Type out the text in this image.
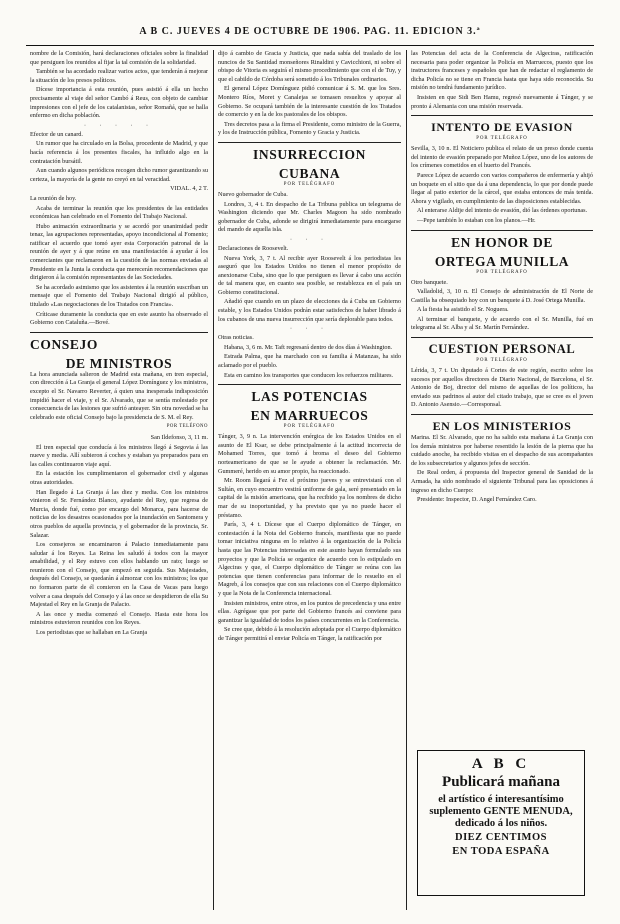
A B C. JUEVES 4 DE OCTUBRE DE 1906. PAG. 11. EDICION 3.ª

nombre de la Comisión, hará declaraciones oficiales sobre la finalidad que persiguen los reunidos al fijar la tal comisión de la solidaridad.

También se ha acordado realizar varios actos, que tenderán á mejorar la situación de los presos políticos.

Dícese importancia á esta reunión, pues asistió á ella un hecho precisamente al viaje del señor Cambó á Reus, con objeto de cambiar impresiones con el jefe de los catalanistas, señor Romañá, que se halla enfermo en dicha población.

· · · · ·

Efector de un canard.

Un rumor que ha circulado en la Bolsa, procedente de Madrid, y que hacía referencia á los presentes fiscales, ha influido algo en la contratación bursátil.

Aun cuando algunos periódicos recogen dicho rumor garantizando su certeza, la mayoría de la gente no creyó en tal veracidad.

VIDAL. 4, 2 T.

La reunión de hoy.

Acaba de terminar la reunión que los presidentes de las entidades económicas han celebrado en el Fomento del Trabajo Nacional.

Hubo animación extraordinaria y se acordó por unanimidad pedir tenaz, las agrupaciones representadas, apoyo incondicional al Fomento; ratificar el acuerdo que tomó ayer esta Corporación patronal de la reunión de ayer y á que reúne en una manifestación á ayudar á los comerciantes que reclamaron en la cuestión de las normas enviadas al Presidente en la Junta la conducta que merecerán recomendaciones que dirigieron á la comisión representantes de las Sociedades.

Se ha acordado asimismo que los asistentes á la reunión suscriban un mensaje que el Fomento del Trabajo Nacional dirigió al público, titulado «Las negociaciones de los Tratados con Francia».

Críticase duramente la conducta que en este asunto ha observado el Gobierno con Cataluña.—Bové.

CONSEJO
DE MINISTROS

La hora anunciada salieron de Madrid esta mañana, en tren especial, con dirección á La Granja el general López Domínguez y los ministros, excepto el Sr. Navarro Reverter, á quien una inesperada indisposición impidió hacer el viaje, y el Sr. Alvarado, que se sentía molestado por consecuencia de las lesiones que sufrió anteayer. Sin otra novedad se ha celebrado este oficial Consejo bajo la presidencia de S. M. el Rey.

POR TELÉFONO

San Ildefonso, 3, 11 m.

El tren especial que conducía á los ministros llegó á Segovia á las nueve y media. Allí subieron á coches y estaban ya preparados para en las calles continuaron viaje aquí.

En la estación los cumplimentaron el gobernador civil y algunas otras autoridades.

Han llegado á La Granja á las diez y media. Con los ministros vinieron el Sr. Fernández Blanco, ayudante del Rey, que regresa de Murcia, donde fué, como por encargo del Monarca, para hacerse de noticias de los desastres ocasionados por la inundación en Santomera y otros pueblos de aquella provincia, y el gobernador de la provincia, Sr. Salazar.

Los consejeros se encaminaron á Palacio inmediatamente para saludar á los Reyes. La Reina les saludó á todos con la mayor amabilidad, y el Rey estuvo con ellos hablando un rato; luego se reunieron con el Consejo, que empezó en seguida. Sus Majestades, después del Consejo, se quedarán á almorzar con los ministros; los que no formaron parte de él comieron en la Casa de Vacas para luego volver a casa después del Consejo y á las once se despidieron de ella Su Majestad el Rey en la Granja de Palacio.

A las once y media comenzó el Consejo. Hasta este hora los ministros estuvieron reunidos con los Reyes.

Los periodistas que se hallaban en La Granja

dijo á cambio de Gracia y Justicia, que nada sabía del traslado de los nuncios de Su Santidad monseñores Rinaldini y Cavicchioni, ni sobre el obispo de Vitoria es seguirá el mismo procedimiento que con el de Tuy, y que el cabildo de Córdoba será sometido á los Tribunales ordinarios.

El general López Domínguez pidió comunicar á S. M. que los Sres. Montero Ríos, Moret y Canalejas se tomasen resueltos y apoyar al Gobierno. Se ocupará también de la interesante cuestión de los Tratados de comercio y en la de los pastorales de los obispos.

Tres decretos pasa a la firma el Presidente, como ministro de la Guerra, y los de Instrucción pública, Fomento y Gracia y Justicia.

INSURRECCION
CUBANA
POR TELÉGRAFO

Nuevo gobernador de Cuba.

Londres, 3, 4 t. En despacho de La Tribuna publica un telegrama de Washington diciendo que Mr. Charles Magoon ha sido nombrado gobernador de Cuba, adonde se dirigirá inmediatamente para encargarse del mando de aquella isla.

· · ·

Declaraciones de Roosevelt.

Nueva York, 3, 7 t. Al recibir ayer Roosevelt á los periodistas les aseguró que los Estados Unidos no tienen el menor propósito de anexionarse Cuba, sino que lo que persiguen es llevar á cabo una acción de tal manera que, en cuanto sea posible, se restablezca en el país un Gobierno constitucional.

Añadió que cuando en un plazo de elecciones da á Cuba un Gobierno estable, y los Estados Unidos podrán estar satisfechos de haber librado á los cubanos de una nueva insurrección que sería deplorable para todos.

· · ·

Otras noticias.

Habana, 3, 6 m. Mr. Taft regresará dentro de dos días á Washington.

Estrada Palma, que ha marchado con su familia á Matanzas, ha sido aclamado por el pueblo.

Esta en camino los transportes que conducen los refuerzos militares.

LAS POTENCIAS
EN MARRUECOS
POR TELÉGRAFO

Tánger, 3, 9 n. La intervención enérgica de los Estados Unidos en el asunto de El Ksar, se debe principalmente á la actitud incorrecta de Mohamed Torres, que tomó á broma el deseo del Gobierno norteamericano de que se le ayude a obtener la reclamación. Mr. Gummeré, herido en su amor propio, ha reaccionado.

Mr. Room llegará á Fez el próximo jueves y se entrevistará con el Sultán, en cuyo encuentro vestirá uniforme de gala, seré presentado en la capital de la misión americana, que ha recibido ya los nombres de dicho mar de su inoportunidad, y ha previsto que ya no puede hacer el préstamo.

París, 3, 4 t. Dícese que el Cuerpo diplomático de Tánger, en contestación á la Nota del Gobierno francés, manifiesta que no puede tomar iniciativa ninguna en lo relativo á la organización de la Policía hasta que las Potencias interesadas en este asunto hayan formulado sus proyectos y que la Policía se organice de acuerdo con lo estipulado en Algeciras y que, el Cuerpo diplomático de Tánger se reúna con las potencias que tienen conferencias para informar de lo resuelto en el Magreb, á los consejos que con sus relaciones con el Cuerpo diplomático y que la Nota de la Conferencia internacional.

Insisten ministros, entre otros, en los puntos de precedencia y una entre ellas. Agrégase que por parte del Gobierno francés así conviene para garantizar la igualdad de todos los países concurrentes en la Conferencia.

Se cree que, debido á la resolución adoptada por el Cuerpo diplomático de Tánger permitirá el enviar Policía en Tánger, la ratificación por

las Potencias del acta de la Conferencia de Algeciras, ratificación necesaria para poder organizar la Policía en Marruecos, puesto que los instructores franceses y españoles que han de redactar el reglamento de dicha Policía no se tiene en Francia hasta que haya sido reconocida. Su misión no tendrá fundamento jurídico.

Insisten en que Sidi Ben Hamu, regresó nuevamente á Tánger, y se pronto á Alemania con una misión reservada.

INTENTO DE EVASION
POR TELÉGRAFO

Sevilla, 3, 10 n. El Noticiero publica el relato de un preso donde cuenta del intento de evasión preparado por Muñoz López, uno de los autores de los crímenes cometidos en el huerto del Francés.

Parece López de acuerdo con varios compañeros de enfermería y ahijó un boquete en el sitio que da á una dependencia, lo que por donde puede llegar al patio exterior de la cárcel, que estaba entonces de más tenida. Ahora y vigilado, en cumplimiento de las disposiciones establecidas.

Al enterarse Aldije del intento de evasión, dió las órdenes oportunas.

—Pepe también lo estaban con los planos.—Hr.

EN HONOR DE
ORTEGA MUNILLA
POR TELÉGRAFO

Otro banquete.

Valladolid, 3, 10 n. El Consejo de administración de El Norte de Castilla ha obsequiado hoy con un banquete á D. José Ortega Munilla.

A la fiesta ha asistido el Sr. Noguera.

Al terminar el banquete, y de acuerdo con el Sr. Munilla, fué en telegrama al Sr. Alba y al Sr. Martín Fernández.

CUESTION PERSONAL
POR TELÉGRAFO

Lérida, 3, 7 t. Un diputado á Cortes de este región, escrito sobre los sucesos por aquellos directores de Diario Nacional, de Barcelona, el Sr. Antonio de Boj, director del mismo de aquellas de los políticos, ha enviado sus padrinos al autor del citado trabajo, que se cree es el joven D. Antonio Asensio.—Corresponsal.

EN LOS MINISTERIOS

Marina. El Sr. Alvarado, que no ha salido esta mañana á La Granja con los demás ministros por haberse resentido la lesión de la pierna que ha cuidado anoche, ha recibido visitas en el despacho de sus acompañantes de los subsecretarios y algunos jefes de sección.

De Real orden, á propuesta del Inspector general de Sanidad de la Armada, ha sido nombrado el siguiente Tribunal para las oposiciones á ingreso en dicho Cuerpo:

Presidente: Inspector, D. Angel Fernández Caro.

A B C
Publicará mañana
el artístico é interesantísimo suplemento GENTE MENUDA, dedicado á los niños.
DIEZ CENTIMOS
EN TODA ESPAÑA
